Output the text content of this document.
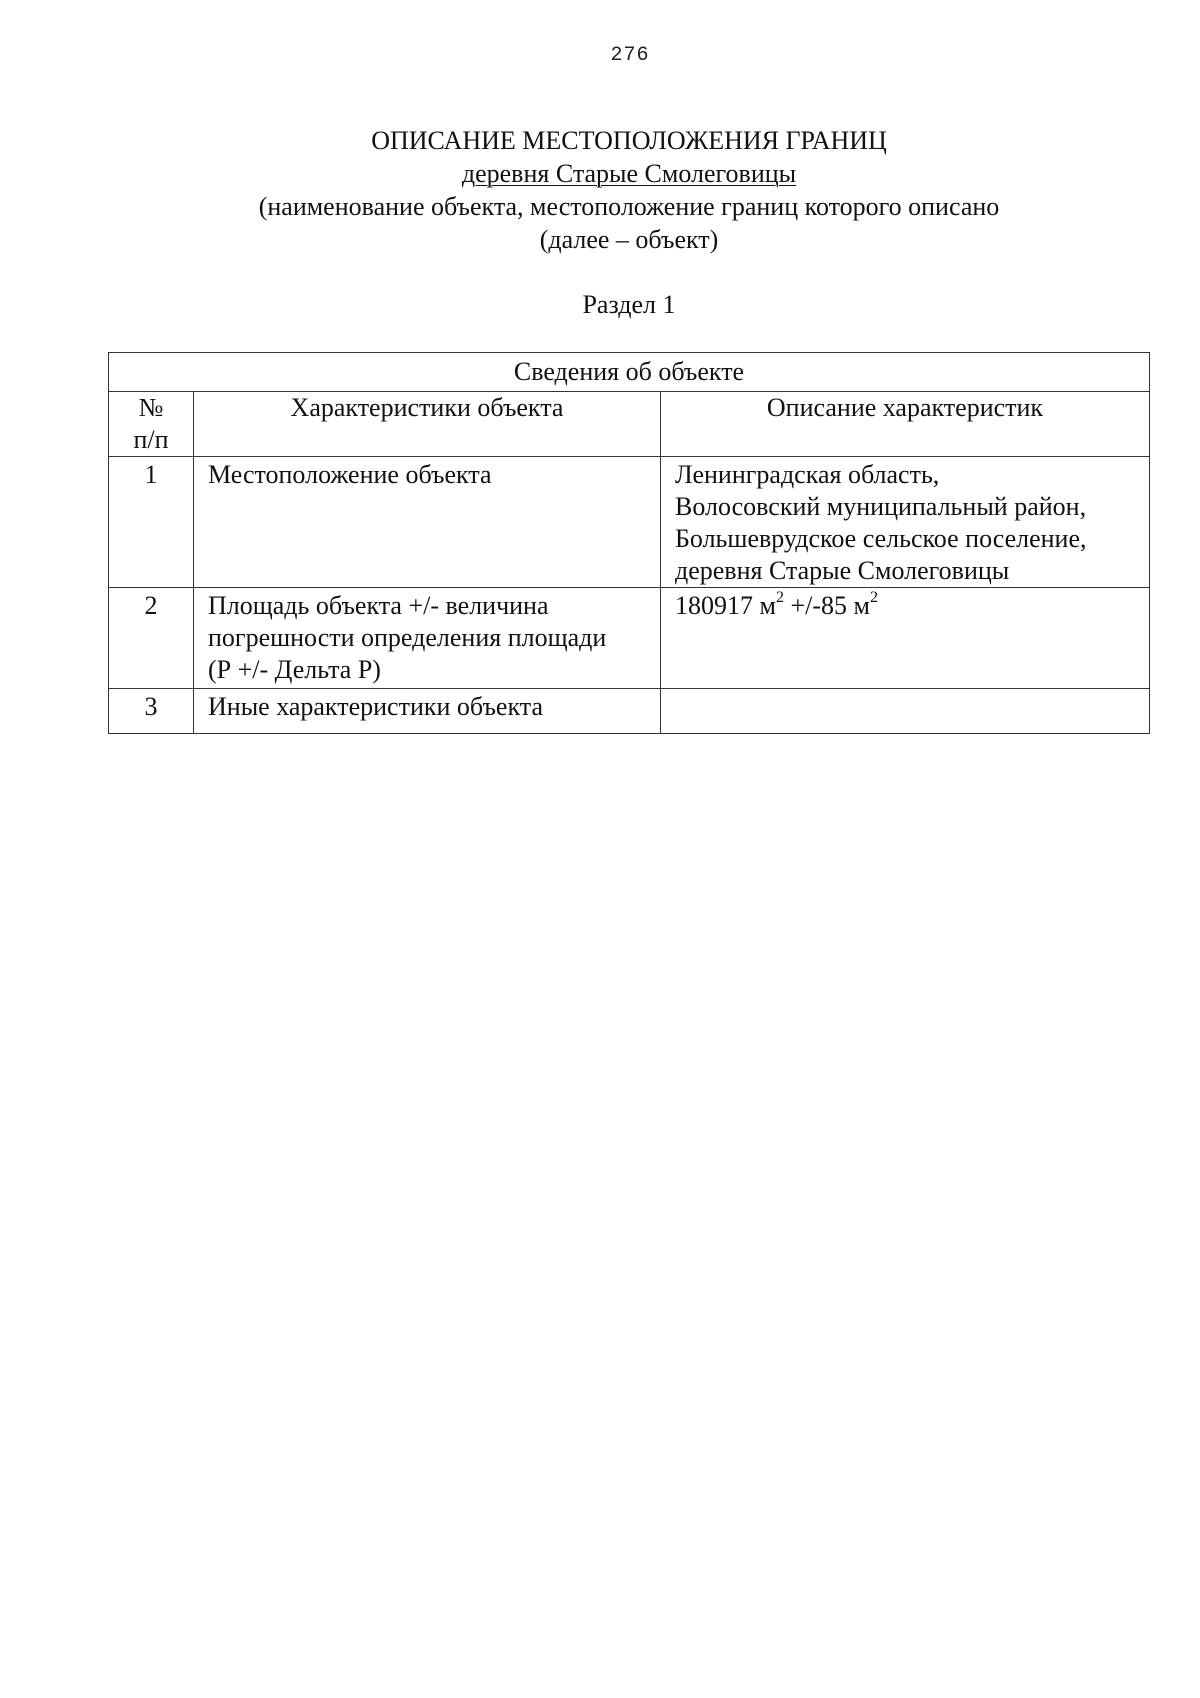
276
ОПИСАНИЕ МЕСТОПОЛОЖЕНИЯ ГРАНИЦ
деревня Старые Смолеговицы
(наименование объекта, местоположение границ которого описано
(далее – объект)
Раздел 1
Сведения об объекте		

№
п/п	Характеристики объекта	Описание характеристик

1	Местоположение объекта	Ленинградская область,
Волосовский муниципальный район,
Большеврудское сельское поселение,
деревня Старые Смолеговицы

2	Площадь объекта +/- величина
погрешности определения площади
(Р +/- Дельта Р)	180917 $м^2 +/-85$ $м^2$

3	Иные характеристики объекта	
